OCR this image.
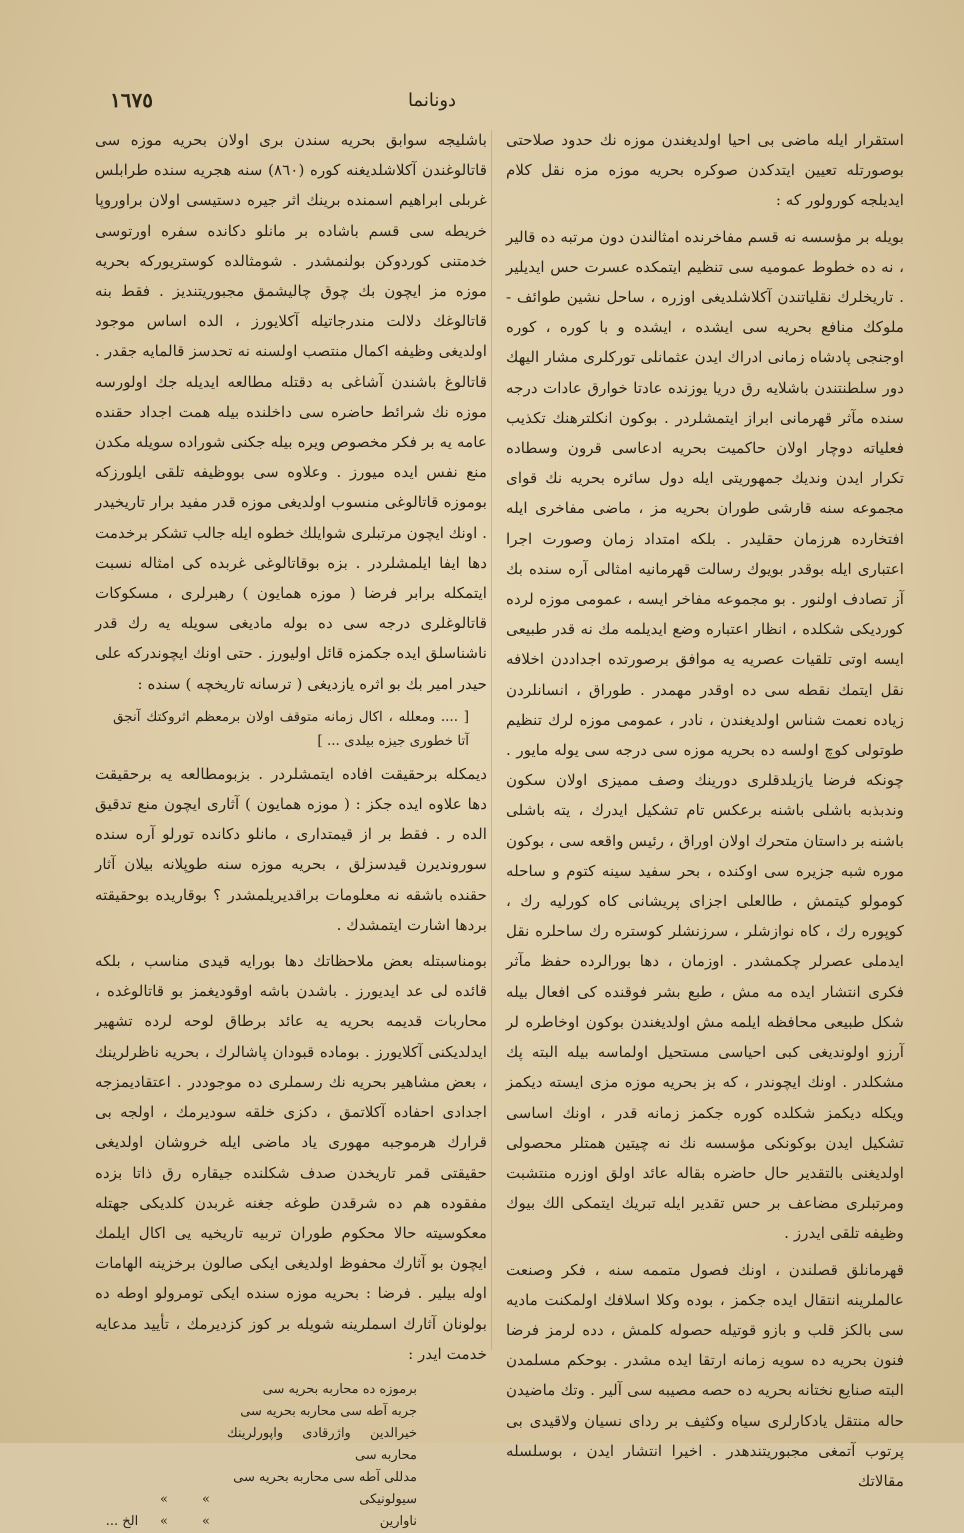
١٦٧٥	دونانما

استقرار ایله ماضی بی احیا اولدیغندن موزه نك حدود صلاحتی بوصورتله تعیین ایتدکدن صوکره بحریه موزه مزه نقل کلام ایدیلجه کورولور که :

بویله بر مؤسسه نه قسم مفاخرنده امثالندن دون مرتبه ده قالیر ، نه ده خطوط عمومیه سی تنظیم ایتمکده عسرت حس ایدیلیر . تاریخلرك نقلیاتندن آکلاشلدیغی اوزره ، ساحل نشین طوائف - ملوکك منافع بحریه سی ایشده ، ایشده و با کوره ، کوره اوجنجی پادشاه زمانی ادراك ایدن عثمانلی تورکلری مشار الیهك دور سلطنتندن باشلایه رق دریا یوزنده عادتا خوارق عادات درجه سنده مآثر قهرمانی ابراز ایتمشلردر . بوکون انکلترهنك تکذیب فعلیاته دوچار اولان حاکمیت بحریه ادعاسی قرون وسطاده تکرار ایدن وندیك جمهوریتی ایله دول سائره بحریه نك قوای مجموعه سنه قارشی طوران بحریه مز ، ماضی مفاخری ایله افتخارده هرزمان حقلیدر . بلکه امتداد زمان وصورت اجرا اعتباری ایله بوقدر بویوك رسالت قهرمانیه امثالی آره سنده بك آز تصادف اولنور . بو مجموعه مفاخر ایسه ، عمومی موزه لرده کوردیکی شکلده ، انظار اعتباره وضع ایدیلمه مك نه قدر طبیعی ایسه اوتی تلقیات عصریه یه موافق برصورتده اجداددن اخلافه نقل ایتمك نقطه سی ده اوقدر مهمدر . طوراق ، انسانلردن زیاده نعمت شناس اولدیغندن ، نادر ، عمومی موزه لرك تنظیم طوتولی کوچ اولسه ده بحریه موزه سی درجه سی یوله مایور . چونکه فرضا یازیلدقلری دورینك وصف ممیزی اولان سکون وندبذبه باشلی باشنه برعکس تام تشکیل ایدرك ، یته باشلی باشنه بر داستان متحرك اولان اوراق ، رئیس واقعه سی ، بوکون موره شبه جزیره سی اوکنده ، بحر سفید سینه کتوم و ساحله کومولو کیتمش ، طالعلی اجزای پریشانی کاه کورلیه رك ، کوپوره رك ، کاه نوازشلر ، سرزنشلر کوستره رك ساحلره نقل ایدملی عصرلر چکمشدر . اوزمان ، دها بورالرده حفظ مآثر فکری انتشار ایده مه مش ، طبع بشر فوقنده کی افعال بیله شکل طبیعی محافظه ایلمه مش اولدیغندن بوکون اوخاطره لر آرزو اولوندیغی کبی احیاسی مستحیل اولماسه بیله البته پك مشکلدر . اونك ایچوندر ، که بز بحریه موزه مزی ایسته دیکمز ویکله دیکمز شکلده کوره جکمز زمانه قدر ، اونك اساسی تشکیل ایدن بوکونکی مؤسسه نك نه چیتین همتلر محصولی اولدیغنی بالتقدیر حال حاضره بقاله عائد اولق اوزره منتشبت ومرتبلری مضاعف بر حس تقدیر ایله تبریك ایتمكی الك بیوك وظیفه تلقی ایدرز .

قهرمانلق قصلندن ، اونك فصول متممه سنه ، فکر وصنعت عالملرینه انتقال ایده جکمز ، بوده وکلا اسلافك اولمکنت مادیه سی بالکز قلب و بازو قوتیله حصوله کلمش ، دده لرمز فرضا فنون بحریه ده سویه زمانه ارتقا ایده مشدر . بوحکم مسلمدن البته صنایع نختانه بحریه ده حصه مصیبه سی آلیر . وتك ماضیدن حاله منتقل یادکارلری سیاه وکثیف بر ردای نسیان ولاقیدی بی پرتوب آتمغی مجبوریتندهدر . اخیرا انتشار ایدن ، بوسلسله مقالاتك

باشلیجه سوابق بحریه سندن بری اولان بحریه موزه سی قاتالوغندن آکلاشلدیغنه کوره (٨٦٠) سنه هجریه سنده طرابلس غربلی ابراهیم اسمنده برینك اثر جیره دستیسی اولان براوروپا خریطه سی قسم باشاده بر مانلو دکانده سفره اورتوسی خدمتنی کوردوکن بولنمشدر . شومثالده کوستریورکه بحریه موزه مز ایچون بك چوق چالیشمق مجبوریتندیز . فقط بنه قاتالوغك دلالت مندرجاتیله آکلایورز ، الده اساس موجود اولدیغی وظیفه اکمال منتصب اولسنه نه تحدسز قالمایه جقدر . قاتالوغ باشندن آشاغی به دقتله مطالعه ایدیله جك اولورسه موزه نك شرائط حاضره سی داخلنده بیله همت اجداد حقنده عامه یه بر فکر مخصوص ویره بیله جکنی شوراده سویله مکدن منع نفس ایده میورز . وعلاوه سی بووظیفه تلقی ایلورزکه بوموزه قاتالوغی منسوب اولدیغی موزه قدر مفید برار تاریخیدر . اونك ایچون مرتبلری شوایلك خطوه ایله جالب تشکر برخدمت دها ایفا ایلمشلردر . بزه بوقاتالوغی غربده کی امثاله نسبت ایتمکله برابر فرضا ( موزه همایون ) رهبرلری ، مسکوکات قاتالوغلری درجه سی ده بوله مادیغی سویله یه رك قدر ناشناسلق ایده جکمزه قائل اولیورز . حتی اونك ایچوندرکه علی حیدر امیر بك بو اثره یازدیغی ( ترسانه تاریخچه ) سنده :

[ .... ومعلله ، اکال زمانه متوقف اولان برمعظم اثروکتك آنجق آتا خطوری جیزه بیلدی ... ]

دیمکله برحقیقت افاده ایتمشلردر . بزبومطالعه یه برحقیقت دها علاوه ایده جکز : ( موزه همایون ) آثاری ایچون منع تدقیق الده ر . فقط بر از قیمتداری ، مانلو دکانده تورلو آره سنده سوروندیرن قیدسزلق ، بحریه موزه سنه طوپلانه بیلان آثار حقنده باشقه نه معلومات براقدیریلمشدر ؟ بوقاریده بوحقیقته بردها اشارت ایتمشدك .

بومناسبتله بعض ملاحظاتك دها بورایه قیدی مناسب ، بلکه قائده لی عد ایدیورز . باشدن باشه اوقودیغمز بو قاتالوغده ، محاربات قدیمه بحریه یه عائد برطاق لوحه لرده تشهیر ایدلدیکنی آکلایورز . بوماده قبودان پاشالرك ، بحریه ناظرلرینك ، بعض مشاهیر بحریه نك رسملری ده موجوددر . اعتقادیمزجه اجدادی احفاده آکلاتمق ، دکزی خلقه سودیرمك ، اولجه بی قرارك هرموجبه مهوری یاد ماضی ایله خروشان اولدیغی حقیقتی قمر تاریخدن صدف شکلنده جیقاره رق ذاتا بزده مفقوده هم ده شرقدن طوغه جغنه غربدن کلدیکی جهتله معکوسیته حالا محکوم طوران تربیه تاریخیه یی اکال ایلمك ایچون بو آثارك محفوظ اولدیغی ایکی صالون برخزینه الهامات اوله بیلیر . فرضا : بحریه موزه سنده ایکی تومرولو اوطه ده بولونان آثارك اسملرینه شویله بر کوز کزدیرمك ، تأیید مدعایه خدمت ایدر :

برموزه ده محاربه بحریه سی
جربه آطه سی محاربه بحریه سی
خیرالدین واژرقادی واپورلرینك محاربه سی
مدللی آطه سی محاربه بحریه سی
سیولونیكی
»
»
ناوارین
»
»
الخ ...
